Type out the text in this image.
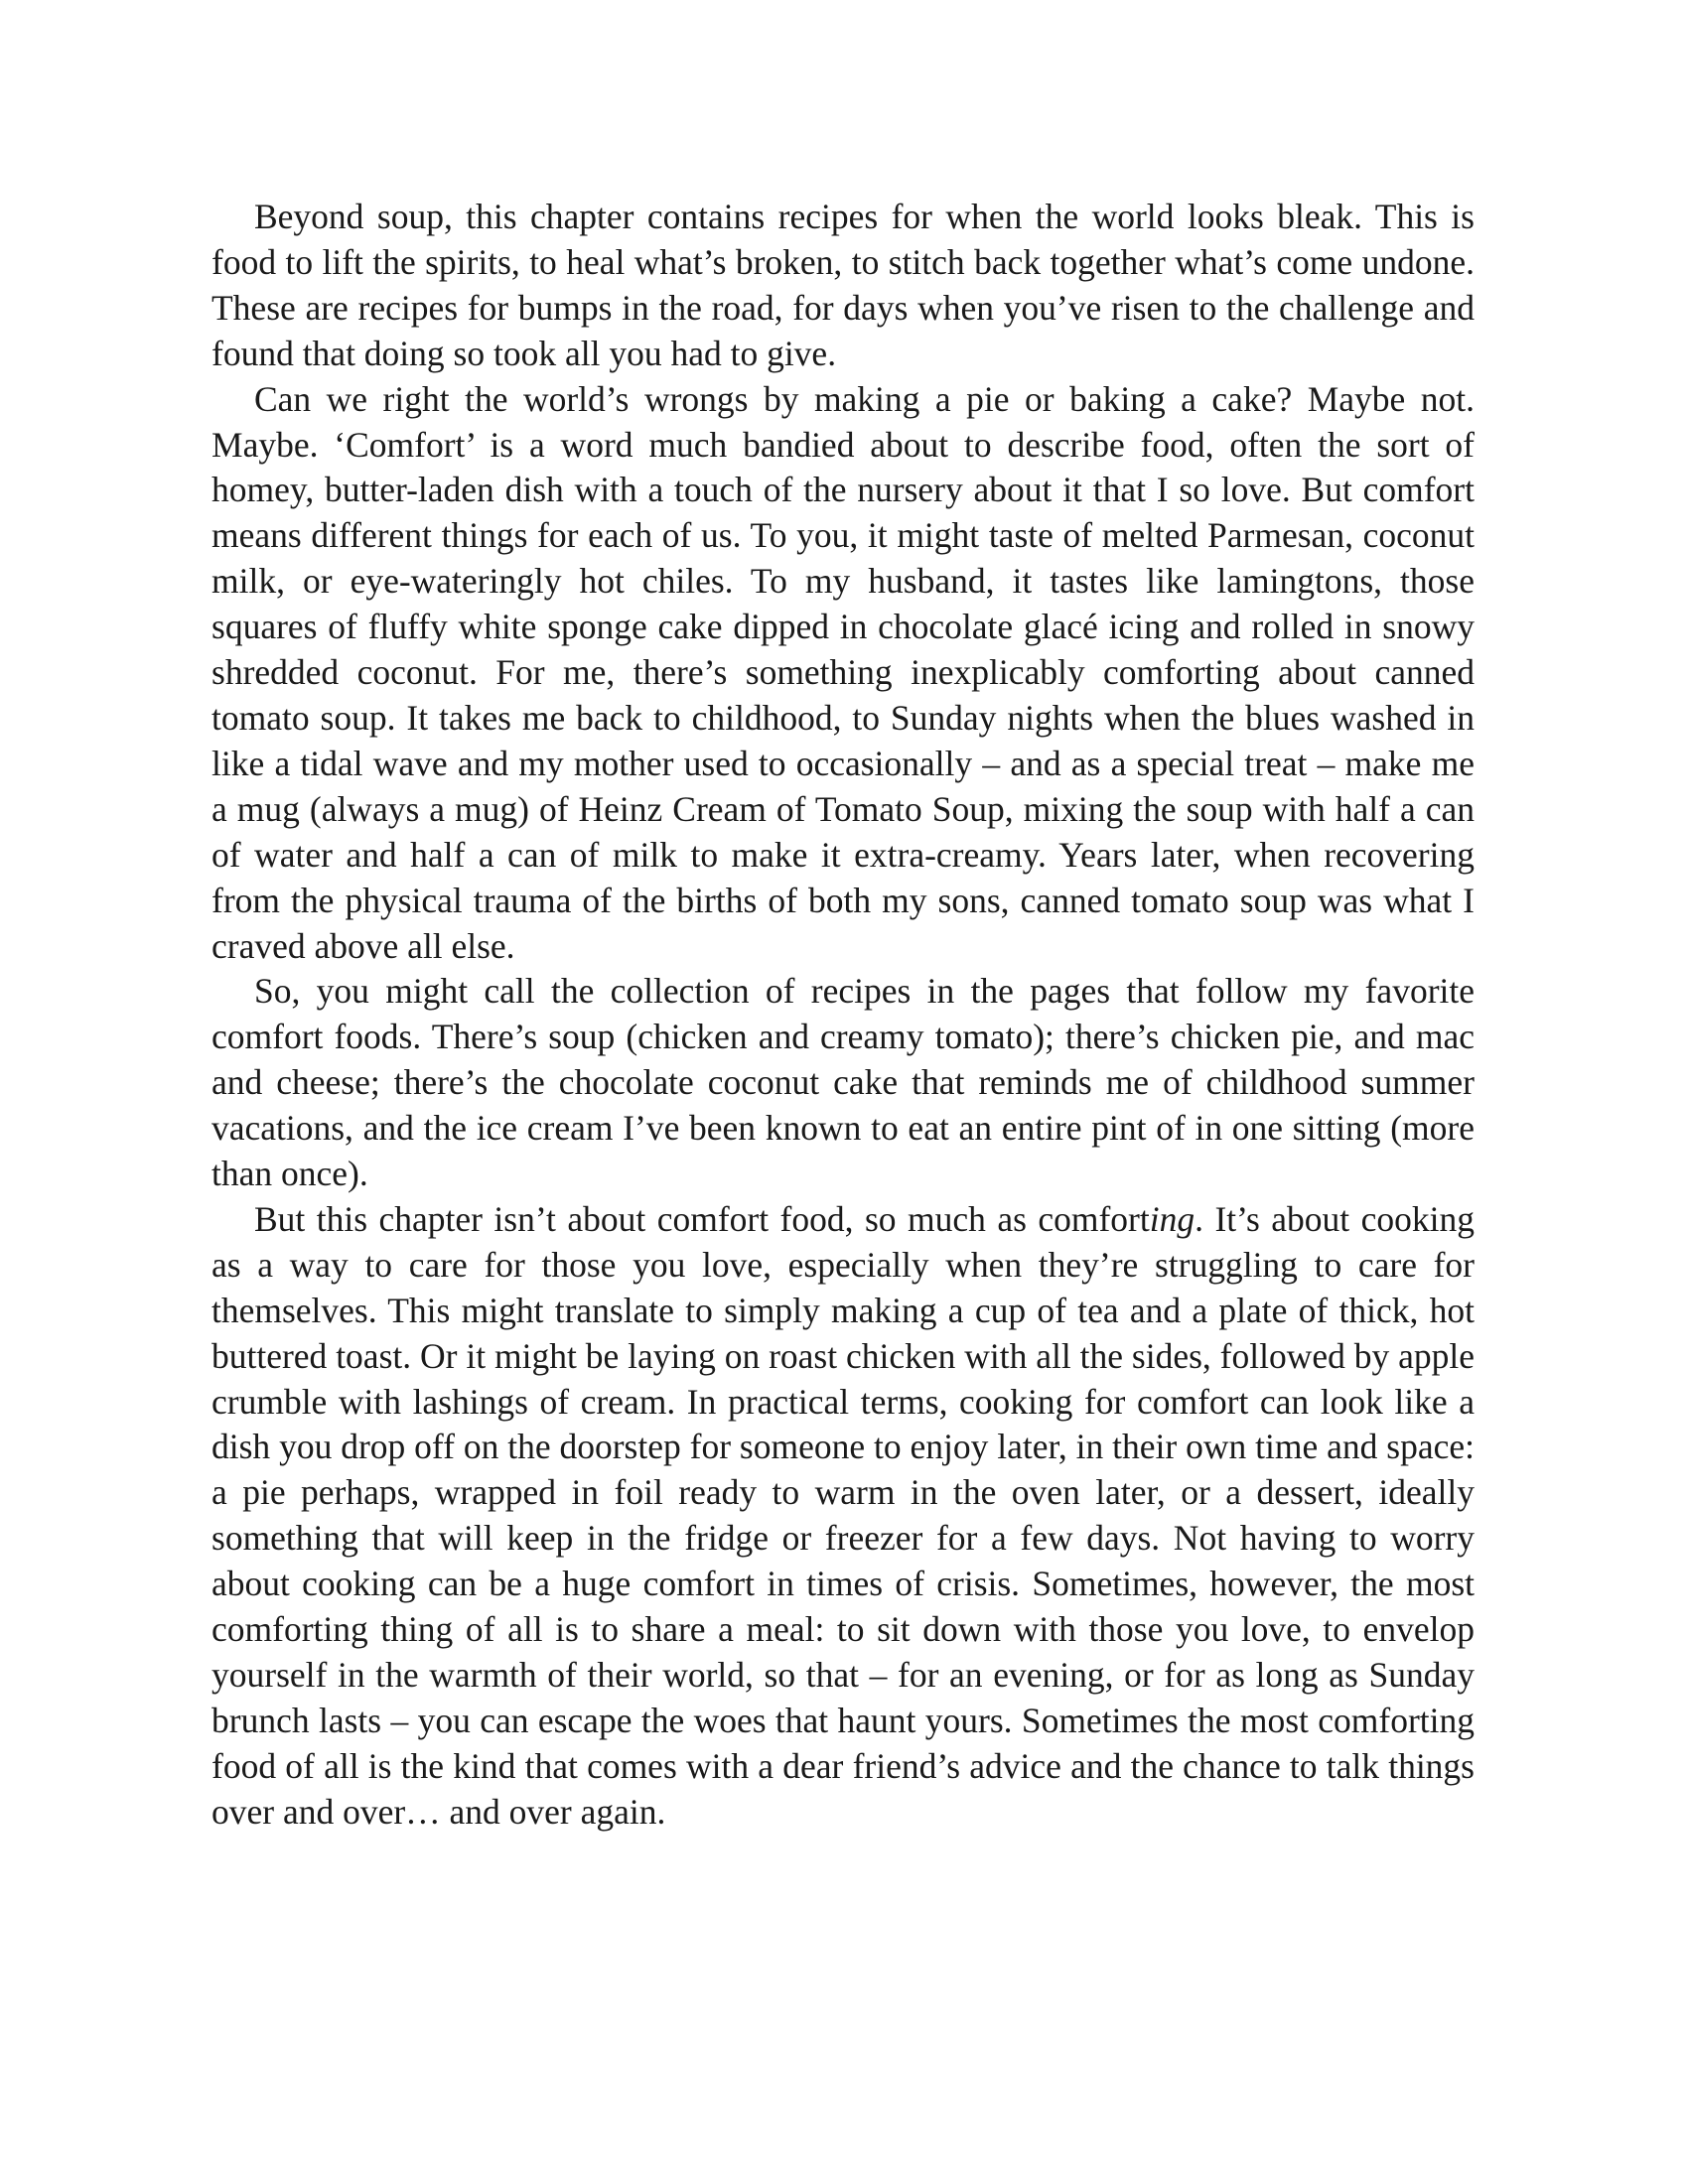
Beyond soup, this chapter contains recipes for when the world looks bleak. This is food to lift the spirits, to heal what’s broken, to stitch back together what’s come undone. These are recipes for bumps in the road, for days when you’ve risen to the challenge and found that doing so took all you had to give.

Can we right the world’s wrongs by making a pie or baking a cake? Maybe not. Maybe. ‘Comfort’ is a word much bandied about to describe food, often the sort of homey, butter-laden dish with a touch of the nursery about it that I so love. But comfort means different things for each of us. To you, it might taste of melted Parmesan, coconut milk, or eye-wateringly hot chiles. To my husband, it tastes like lamingtons, those squares of fluffy white sponge cake dipped in chocolate glacé icing and rolled in snowy shredded coconut. For me, there’s something inexplicably comforting about canned tomato soup. It takes me back to childhood, to Sunday nights when the blues washed in like a tidal wave and my mother used to occasionally – and as a special treat – make me a mug (always a mug) of Heinz Cream of Tomato Soup, mixing the soup with half a can of water and half a can of milk to make it extra-creamy. Years later, when recovering from the physical trauma of the births of both my sons, canned tomato soup was what I craved above all else.

So, you might call the collection of recipes in the pages that follow my favorite comfort foods. There’s soup (chicken and creamy tomato); there’s chicken pie, and mac and cheese; there’s the chocolate coconut cake that reminds me of childhood summer vacations, and the ice cream I’ve been known to eat an entire pint of in one sitting (more than once).

But this chapter isn’t about comfort food, so much as comforting. It’s about cooking as a way to care for those you love, especially when they’re struggling to care for themselves. This might translate to simply making a cup of tea and a plate of thick, hot buttered toast. Or it might be laying on roast chicken with all the sides, followed by apple crumble with lashings of cream. In practical terms, cooking for comfort can look like a dish you drop off on the doorstep for someone to enjoy later, in their own time and space: a pie perhaps, wrapped in foil ready to warm in the oven later, or a dessert, ideally something that will keep in the fridge or freezer for a few days. Not having to worry about cooking can be a huge comfort in times of crisis. Sometimes, however, the most comforting thing of all is to share a meal: to sit down with those you love, to envelop yourself in the warmth of their world, so that – for an evening, or for as long as Sunday brunch lasts – you can escape the woes that haunt yours. Sometimes the most comforting food of all is the kind that comes with a dear friend’s advice and the chance to talk things over and over… and over again.
